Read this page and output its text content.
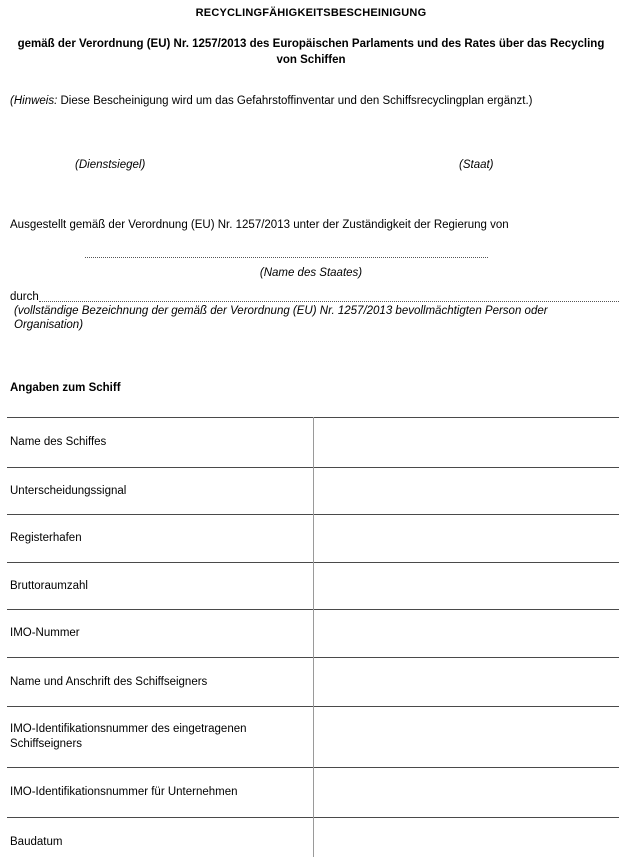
RECYCLINGFÄHIGKEITSBESCHEINIGUNG
gemäß der Verordnung (EU) Nr. 1257/2013 des Europäischen Parlaments und des Rates über das Recycling von Schiffen
(Hinweis: Diese Bescheinigung wird um das Gefahrstoffinventar und den Schiffsrecyclingplan ergänzt.)
(Dienstsiegel)	(Staat)
Ausgestellt gemäß der Verordnung (EU) Nr. 1257/2013 unter der Zuständigkeit der Regierung von
(Name des Staates)
durch
(vollständige Bezeichnung der gemäß der Verordnung (EU) Nr. 1257/2013 bevollmächtigten Person oder Organisation)
Angaben zum Schiff
Name des Schiffes	
Unterscheidungssignal	
Registerhafen	
Bruttoraumzahl	
IMO-Nummer	
Name und Anschrift des Schiffseigners	
IMO-Identifikationsnummer des eingetragenen Schiffseigners	
IMO-Identifikationsnummer für Unternehmen	
Baudatum	
